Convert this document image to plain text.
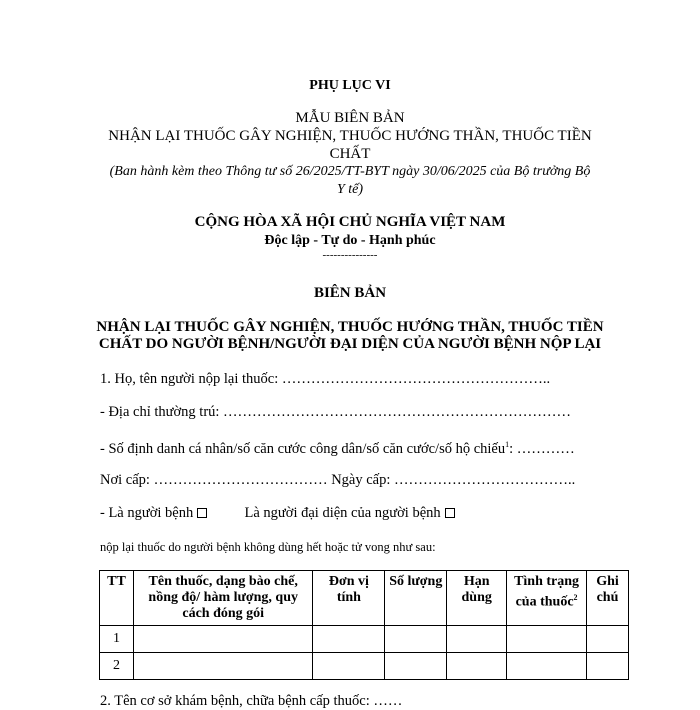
PHỤ LỤC VI
MẪU BIÊN BẢN
NHẬN LẠI THUỐC GÂY NGHIỆN, THUỐC HƯỚNG THẦN, THUỐC TIỀN
CHẤT
(Ban hành kèm theo Thông tư số 26/2025/TT-BYT ngày 30/06/2025 của Bộ trưởng Bộ
Y tế)
CỘNG HÒA XÃ HỘI CHỦ NGHĨA VIỆT NAM
Độc lập - Tự do - Hạnh phúc
---------------
BIÊN BẢN
NHẬN LẠI THUỐC GÂY NGHIỆN, THUỐC HƯỚNG THẦN, THUỐC TIỀN
CHẤT DO NGƯỜI BỆNH/NGƯỜI ĐẠI DIỆN CỦA NGƯỜI BỆNH NỘP LẠI
1. Họ, tên người nộp lại thuốc: ………………………………………………..
- Địa chỉ thường trú: ………………………………………………………………
- Số định danh cá nhân/số căn cước công dân/số căn cước/số hộ chiếu$^1$: …………
Nơi cấp: ……………………………… Ngày cấp: ………………………………..
- Là người bệnh	Là người đại diện của người bệnh
nộp lại thuốc do người bệnh không dùng hết hoặc tử vong như sau:
TT	Tên thuốc, dạng bào chế, nồng độ/ hàm lượng, quy cách đóng gói	Đơn vị tính	Số lượng	Hạn dùng	Tình trạng của thuốc$^2$	Ghi chú
1						
2						
2. Tên cơ sở khám bệnh, chữa bệnh cấp thuốc: ……
